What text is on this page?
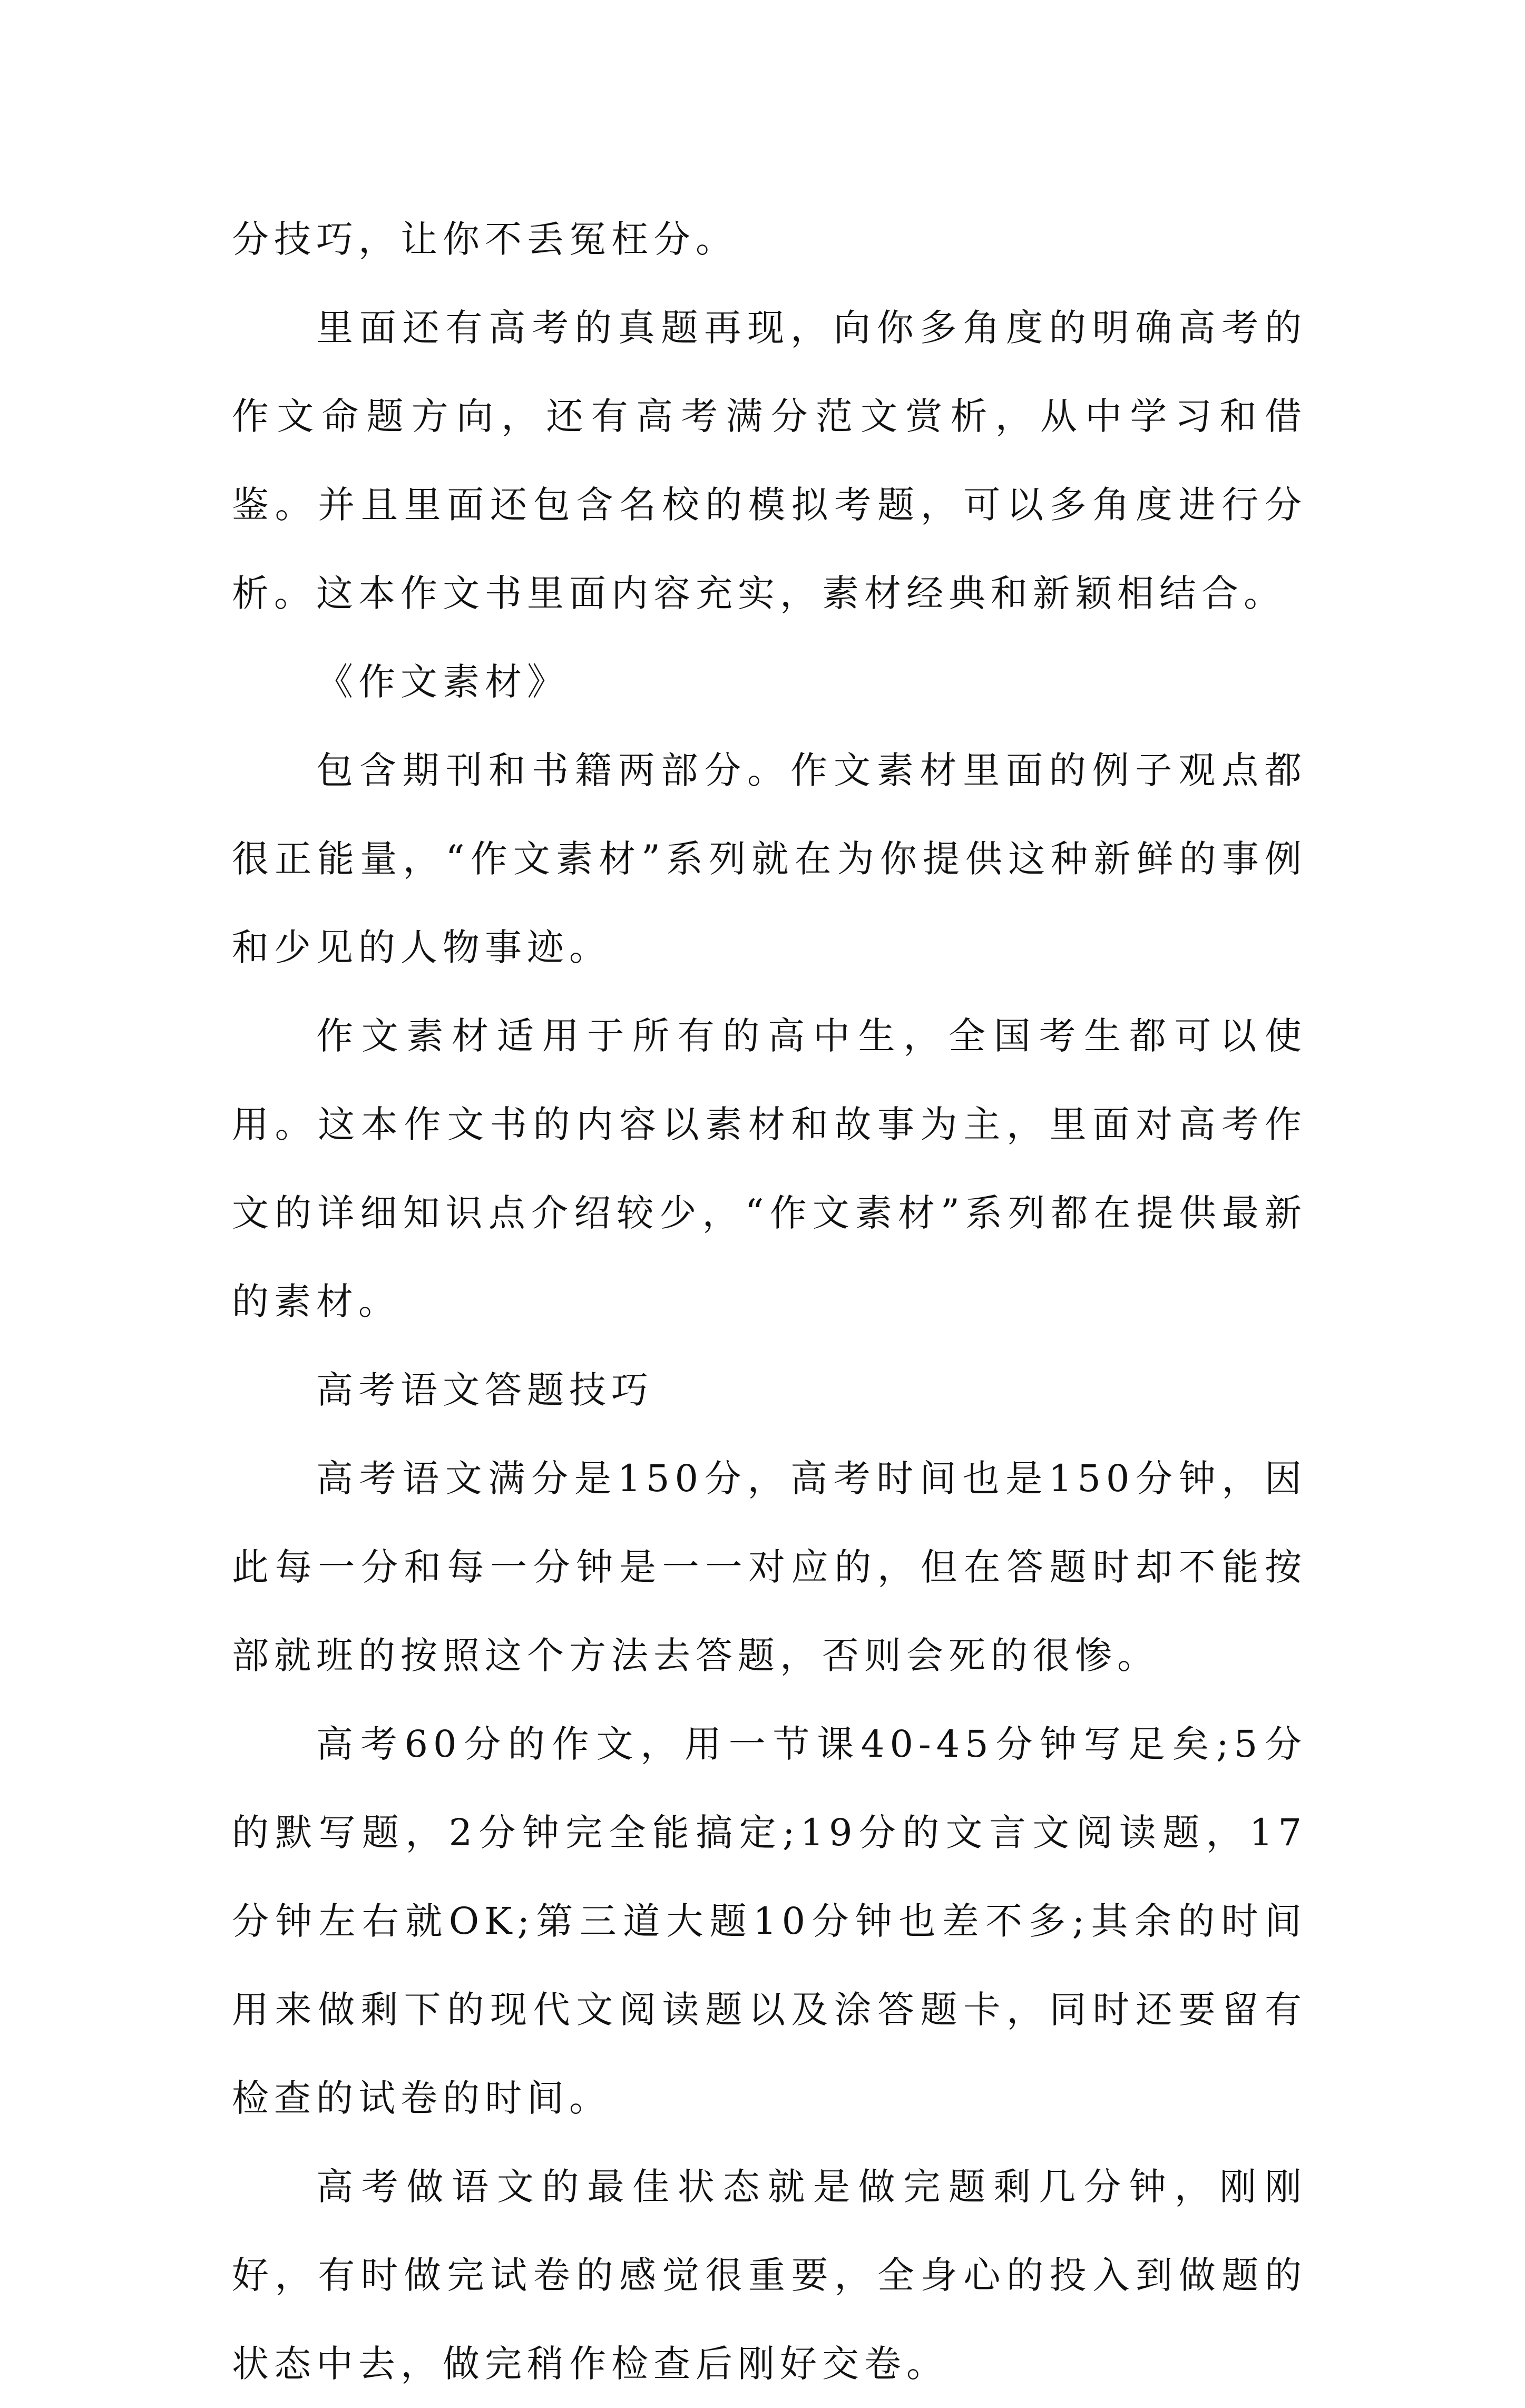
分技巧，让你不丢冤枉分。

里面还有高考的真题再现，向你多角度的明确高考的作文命题方向，还有高考满分范文赏析，从中学习和借鉴。并且里面还包含名校的模拟考题，可以多角度进行分析。这本作文书里面内容充实，素材经典和新颖相结合。

《作文素材》

包含期刊和书籍两部分。作文素材里面的例子观点都很正能量，“作文素材”系列就在为你提供这种新鲜的事例和少见的人物事迹。

作文素材适用于所有的高中生，全国考生都可以使用。这本作文书的内容以素材和故事为主，里面对高考作文的详细知识点介绍较少，“作文素材”系列都在提供最新的素材。

高考语文答题技巧

高考语文满分是150分，高考时间也是150分钟，因此每一分和每一分钟是一一对应的，但在答题时却不能按部就班的按照这个方法去答题，否则会死的很惨。

高考60分的作文，用一节课40-45分钟写足矣;5分的默写题，2分钟完全能搞定;19分的文言文阅读题，17分钟左右就OK;第三道大题10分钟也差不多;其余的时间用来做剩下的现代文阅读题以及涂答题卡，同时还要留有检查的试卷的时间。

高考做语文的最佳状态就是做完题剩几分钟，刚刚好，有时做完试卷的感觉很重要，全身心的投入到做题的状态中去，做完稍作检查后刚好交卷。
